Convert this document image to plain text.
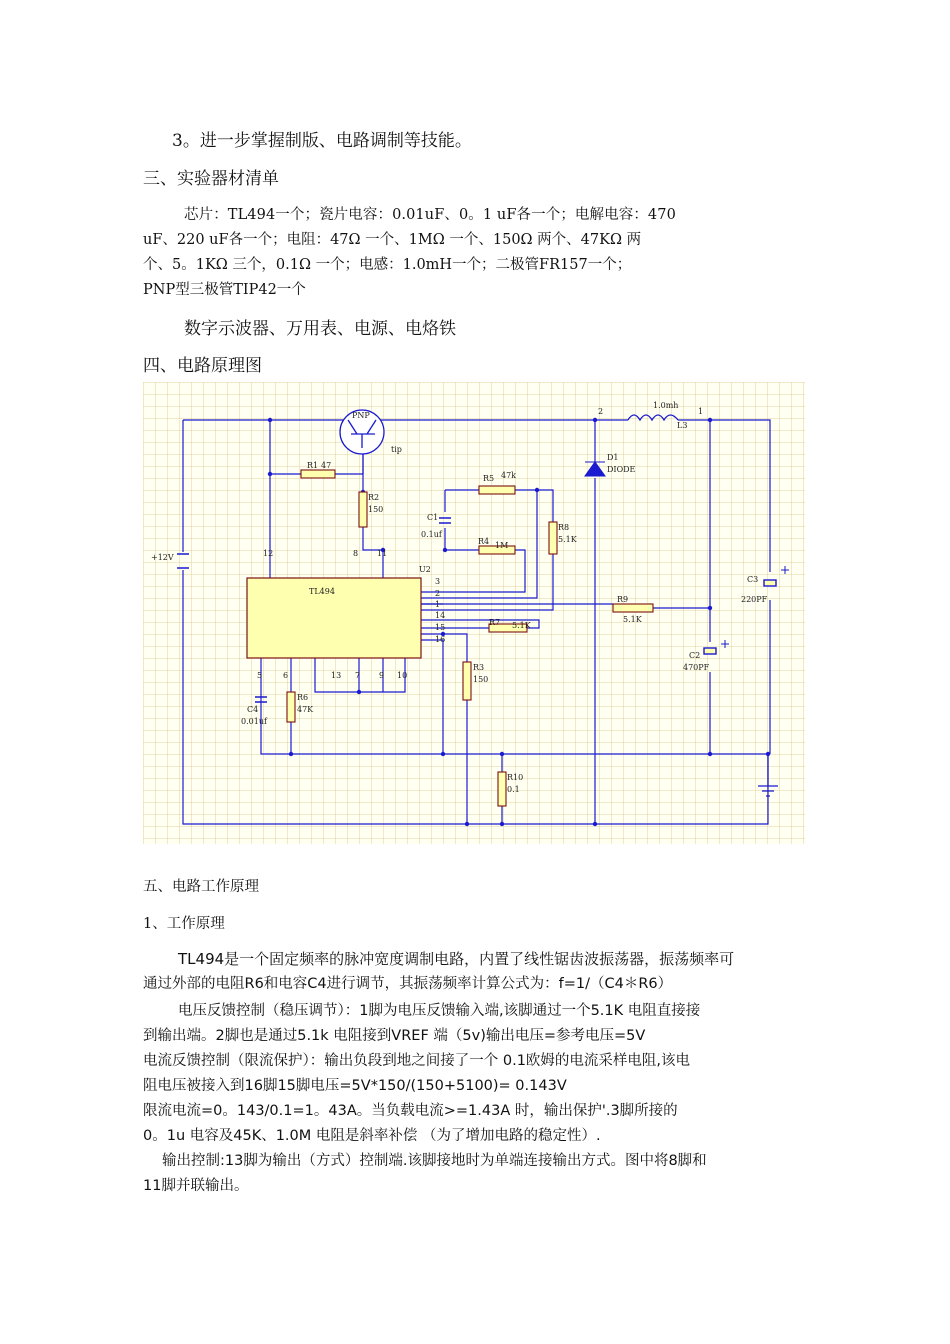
3。进一步掌握制版、电路调制等技能。
三、实验器材清单
芯片：TL494一个；瓷片电容：0.01uF、0。1 uF各一个；电解电容：470
uF、220 uF各一个；电阻：47Ω 一个、1MΩ 一个、150Ω 两个、47KΩ 两
个、5。1KΩ 三个，0.1Ω 一个；电感：1.0mH一个；二极管FR157一个；
PNP型三极管TIP42一个
数字示波器、万用表、电源、电烙铁
四、电路原理图
PNP
tip
R1 47
R2
150
R5 47k
R4 1M
C1
0.1uf
R8
5.1K
R9
5.1K
R7 5.1K
R3
150
R6
47K
R10
0.1
C4
0.01uf
C3
220PF
C2
470PF
D1
DIODE
1.0mh
L3
U2
TL494
+12V
2	1
3
2
1
14
15
16
5	6	13 7 9 10
12	8 11
五、电路工作原理
1、工作原理
TL494是一个固定频率的脉冲宽度调制电路，内置了线性锯齿波振荡器，振荡频率可
通过外部的电阻R6和电容C4进行调节，其振荡频率计算公式为：f=1/（C4＊R6）
电压反馈控制（稳压调节）：1脚为电压反馈输入端,该脚通过一个5.1K 电阻直接接
到输出端。2脚也是通过5.1k 电阻接到VREF 端（5v)输出电压=参考电压=5V
电流反馈控制（限流保护）：输出负段到地之间接了一个 0.1欧姆的电流采样电阻,该电
阻电压被接入到16脚15脚电压=5V*150/(150+5100)= 0.143V
限流电流=0。143/0.1=1。43A。当负载电流>=1.43A 时，输出保护'.3脚所接的
0。1u 电容及45K、1.0M 电阻是斜率补偿 （为了增加电路的稳定性）.
输出控制:13脚为输出（方式）控制端.该脚接地时为单端连接输出方式。图中将8脚和
11脚并联输出。
